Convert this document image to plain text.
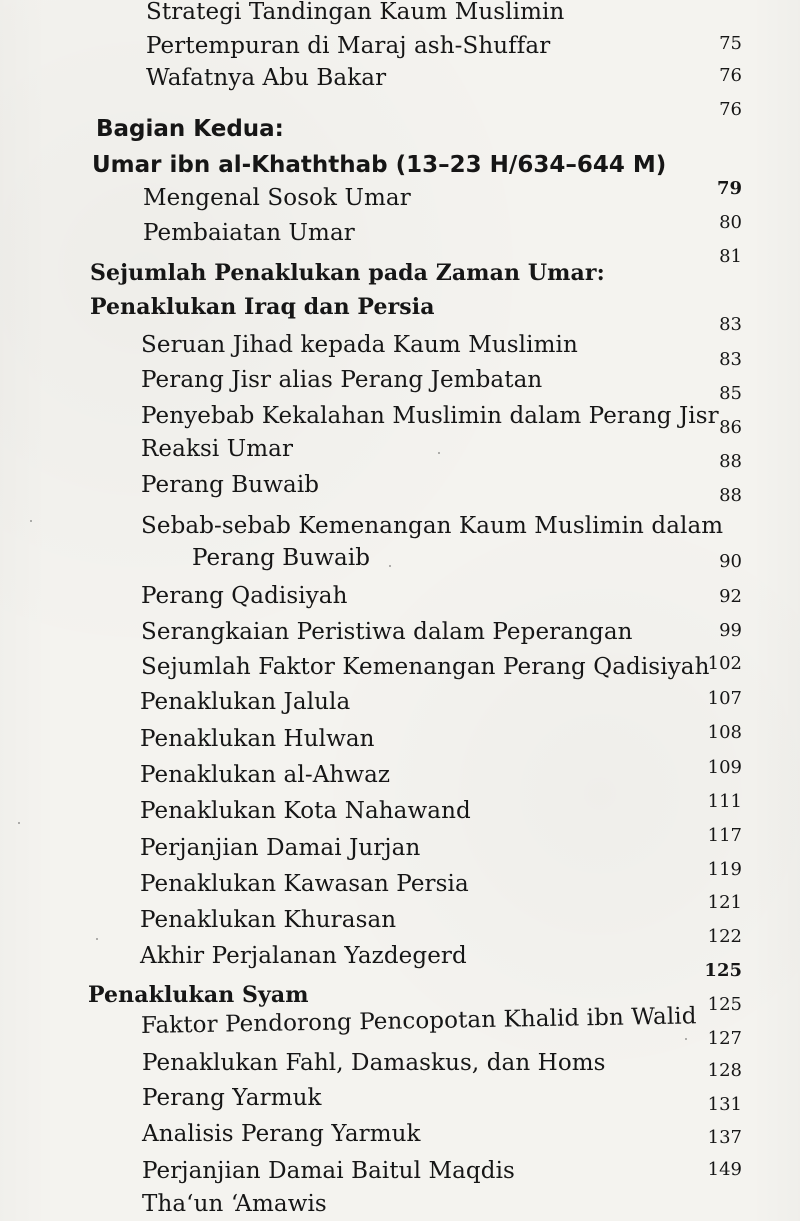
Strategi Tandingan Kaum Muslimin
Pertempuran di Maraj ash-Shuffar
Wafatnya Abu Bakar
Bagian Kedua:
Umar ibn al-Khaththab (13–23 H/634–644 M)
Mengenal Sosok Umar
Pembaiatan Umar
Sejumlah Penaklukan pada Zaman Umar:
Penaklukan Iraq dan Persia
Seruan Jihad kepada Kaum Muslimin
Perang Jisr alias Perang Jembatan
Penyebab Kekalahan Muslimin dalam Perang Jisr
Reaksi Umar
Perang Buwaib
Sebab-sebab Kemenangan Kaum Muslimin dalam
Perang Buwaib
Perang Qadisiyah
Serangkaian Peristiwa dalam Peperangan
Sejumlah Faktor Kemenangan Perang Qadisiyah
Penaklukan Jalula
Penaklukan Hulwan
Penaklukan al-Ahwaz
Penaklukan Kota Nahawand
Perjanjian Damai Jurjan
Penaklukan Kawasan Persia
Penaklukan Khurasan
Akhir Perjalanan Yazdegerd
Penaklukan Syam
Faktor Pendorong Pencopotan Khalid ibn Walid
Penaklukan Fahl, Damaskus, dan Homs
Perang Yarmuk
Analisis Perang Yarmuk
Perjanjian Damai Baitul Maqdis
Tha‘un ‘Amawis
75
76
76
79
80
81
83
83
85
86
88
88
90
92
99
102
107
108
109
111
117
119
121
122
125
125
127
128
131
137
149
